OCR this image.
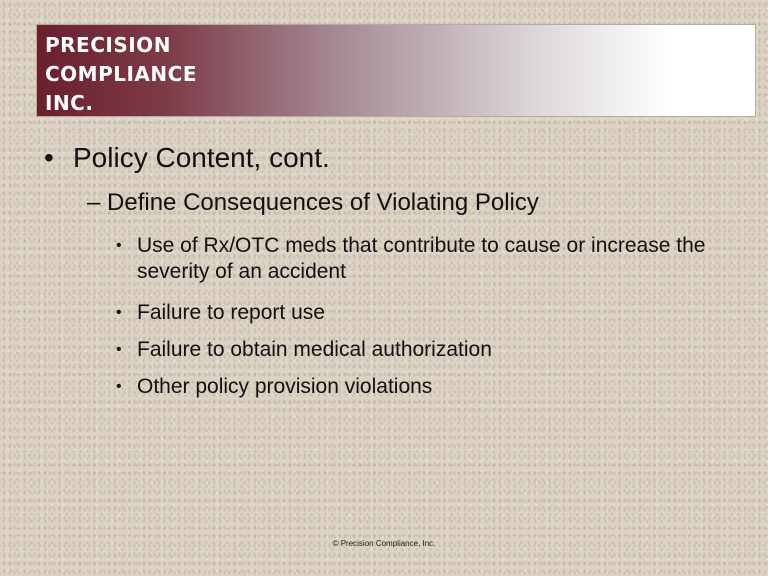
PRECISION
COMPLIANCE
INC.
• Policy Content, cont.
– Define Consequences of Violating Policy
• Use of Rx/OTC meds that contribute to cause or increase the severity of an accident
• Failure to report use
• Failure to obtain medical authorization
• Other policy provision violations
© Precision Compliance, Inc.
